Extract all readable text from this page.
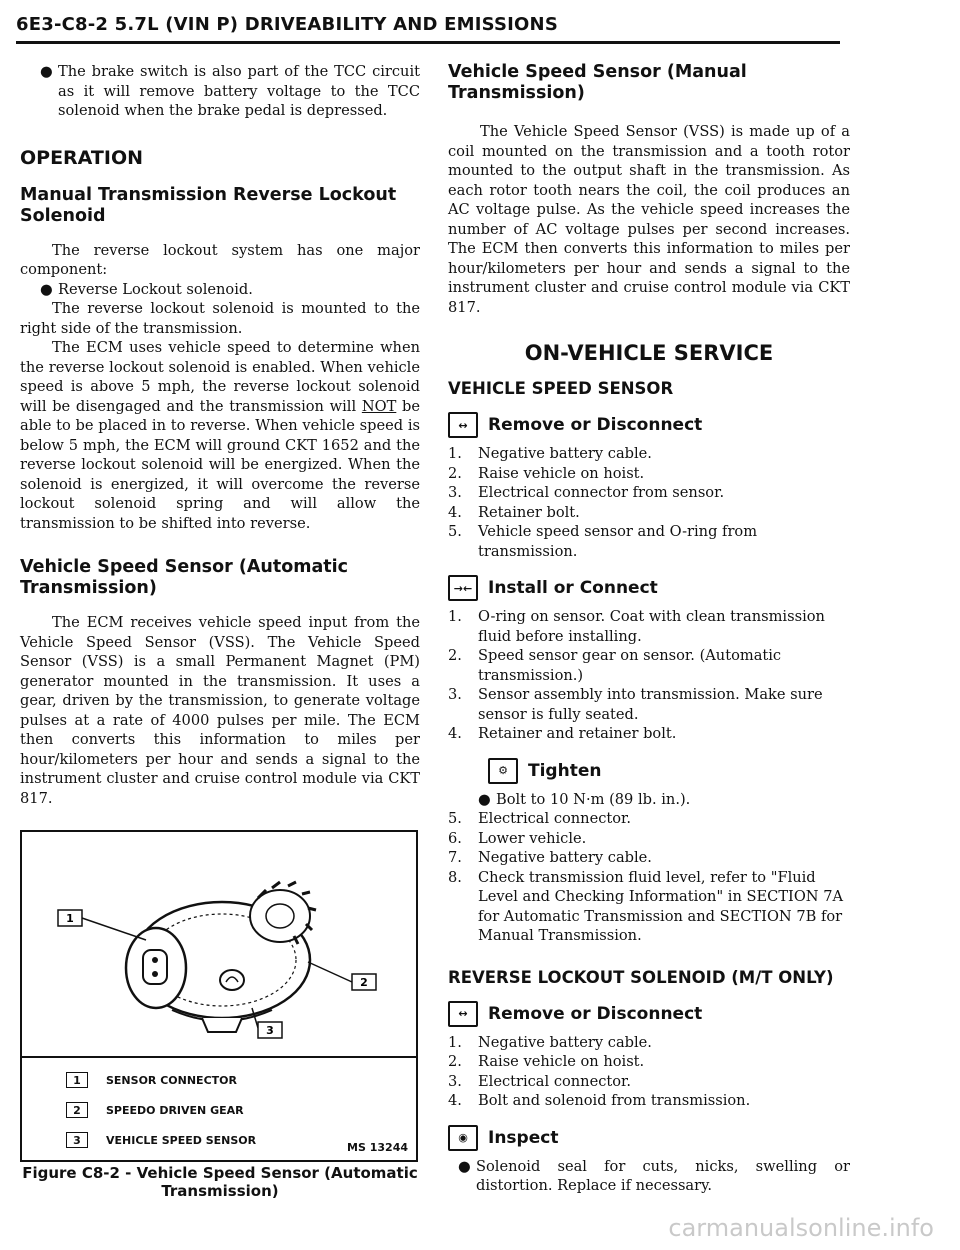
6E3-C8-2 5.7L (VIN P) DRIVEABILITY AND EMISSIONS

● The brake switch is also part of the TCC circuit as it will remove battery voltage to the TCC solenoid when the brake pedal is depressed.

OPERATION
Manual Transmission Reverse Lockout Solenoid

The reverse lockout system has one major component:

● Reverse Lockout solenoid.

The reverse lockout solenoid is mounted to the right side of the transmission.

The ECM uses vehicle speed to determine when the reverse lockout solenoid is enabled. When vehicle speed is above 5 mph, the reverse lockout solenoid will be disengaged and the transmission will NOT be able to be placed in to reverse. When vehicle speed is below 5 mph, the ECM will ground CKT 1652 and the reverse lockout solenoid will be energized. When the solenoid is energized, it will overcome the reverse lockout solenoid spring and will allow the transmission to be shifted into reverse.

Vehicle Speed Sensor (Automatic Transmission)

The ECM receives vehicle speed input from the Vehicle Speed Sensor (VSS). The Vehicle Speed Sensor (VSS) is a small Permanent Magnet (PM) generator mounted in the transmission. It uses a gear, driven by the transmission, to generate voltage pulses at a rate of 4000 pulses per mile. The ECM then converts this information to miles per hour/kilometers per hour and sends a signal to the instrument cluster and cruise control module via CKT 817.

1
2
3
1	SENSOR CONNECTOR
2	SPEEDO DRIVEN GEAR
3	VEHICLE SPEED SENSOR
MS 13244
Figure C8-2 - Vehicle Speed Sensor (Automatic Transmission)
Vehicle Speed Sensor (Manual Transmission)

The Vehicle Speed Sensor (VSS) is made up of a coil mounted on the transmission and a tooth rotor mounted to the output shaft in the transmission. As each rotor tooth nears the coil, the coil produces an AC voltage pulse. As the vehicle speed increases the number of AC voltage pulses per second increases. The ECM then converts this information to miles per hour/kilometers per hour and sends a signal to the instrument cluster and cruise control module via CKT 817.

ON-VEHICLE SERVICE
VEHICLE SPEED SENSOR
↔	Remove or Disconnect
1. Negative battery cable.
2. Raise vehicle on hoist.
3. Electrical connector from sensor.
4. Retainer bolt.
5. Vehicle speed sensor and O-ring from transmission.
→← Install or Connect
1. O-ring on sensor. Coat with clean transmission fluid before installing.
2. Speed sensor gear on sensor. (Automatic transmission.)
3. Sensor assembly into transmission. Make sure sensor is fully seated.
4. Retainer and retainer bolt.
⚙	Tighten

● Bolt to 10 N·m (89 lb. in.).

5. Electrical connector.
6. Lower vehicle.
7. Negative battery cable.
8. Check transmission fluid level, refer to "Fluid Level and Checking Information" in SECTION 7A for Automatic Transmission and SECTION 7B for Manual Transmission.
REVERSE LOCKOUT SOLENOID (M/T ONLY)
↔	Remove or Disconnect
1. Negative battery cable.
2. Raise vehicle on hoist.
3. Electrical connector.
4. Bolt and solenoid from transmission.
◉	Inspect

● Solenoid seal for cuts, nicks, swelling or distortion. Replace if necessary.

carmanualsonline.info
